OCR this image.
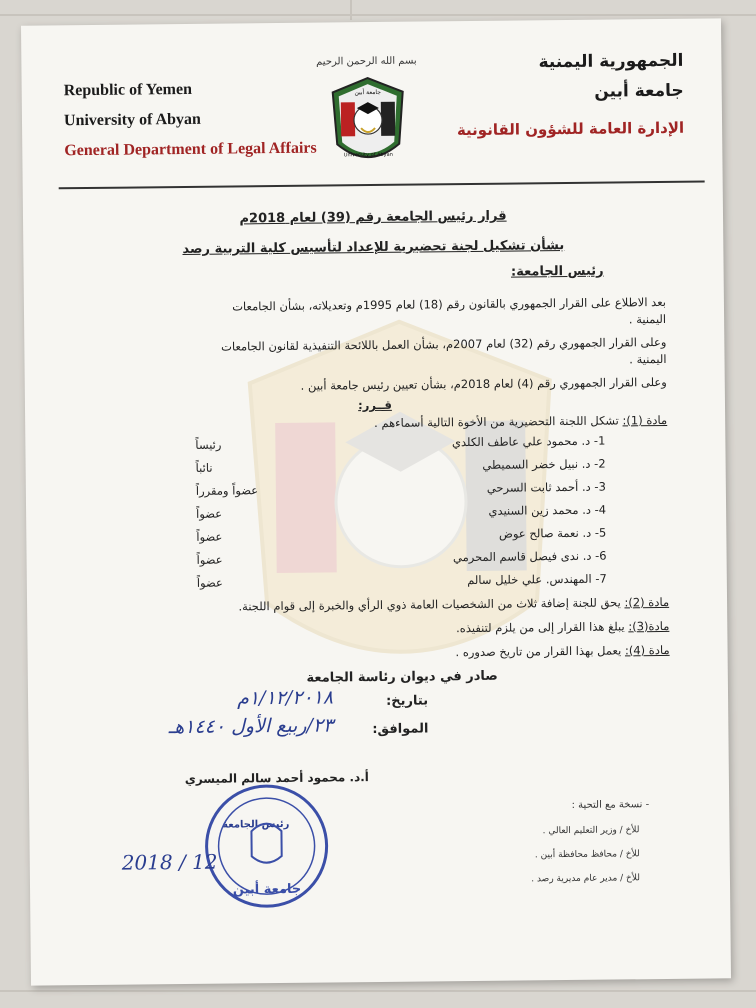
Republic of Yemen
University of Abyan
General Department of Legal Affairs
الجمهورية اليمنية
جامعة أبين
الإدارة العامة للشؤون القانونية
بسم الله الرحمن الرحيم
جامعة أبين
University of Abyan
قرار رئيس الجامعة رقم (39) لعام 2018م
بشأن تشكيل لجنة تحضيرية للإعداد لتأسيس كلية التربية رصد
رئيس الجامعة:
بعد الاطلاع على القرار الجمهوري بالقانون رقم (18) لعام 1995م وتعديلاته، بشأن الجامعات
اليمنية .
وعلى القرار الجمهوري رقم (32) لعام 2007م، بشأن العمل باللائحة التنفيذية لقانون الجامعات
اليمنية .
وعلى القرار الجمهوري رقم (4) لعام 2018م، بشأن تعيين رئيس جامعة أبين .
قــرر:
مادة (1): تشكل اللجنة التحضيرية من الأخوة التالية أسماءهم .
1- د. محمود علي عاطف الكلدي
رئيساً
2- د. نبيل خضر السميطي
نائباً
3- د. أحمد ثابت السرحي
عضواً ومقرراً
4- د. محمد زين السنيدي
عضواً
5- د. نعمة صالح عوض
عضواً
6- د. ندى فيصل قاسم المحرمي
عضواً
7- المهندس. علي خليل سالم
عضواً
مادة (2): يحق للجنة إضافة ثلاث من الشخصيات العامة ذوي الرأي والخبرة إلى قوام اللجنة.
مادة(3): يبلغ هذا القرار إلى من يلزم لتنفيذه.
مادة (4): يعمل بهذا القرار من تاريخ صدوره .
صادر في ديوان رئاسة الجامعة
بتاريخ:
١/١٢/٢٠١٨م
الموافق:
٢٣/ربيع الأول ١٤٤٠هـ
أ.د. محمود أحمد سالم الميسري
رئيس الجامعة
جامعة أبين
2018 / 12
- نسخة مع التحية :
للأخ / وزير التعليم العالي .
للأخ / محافظ محافظة أبين .
للأخ / مدير عام مديرية رصد .
